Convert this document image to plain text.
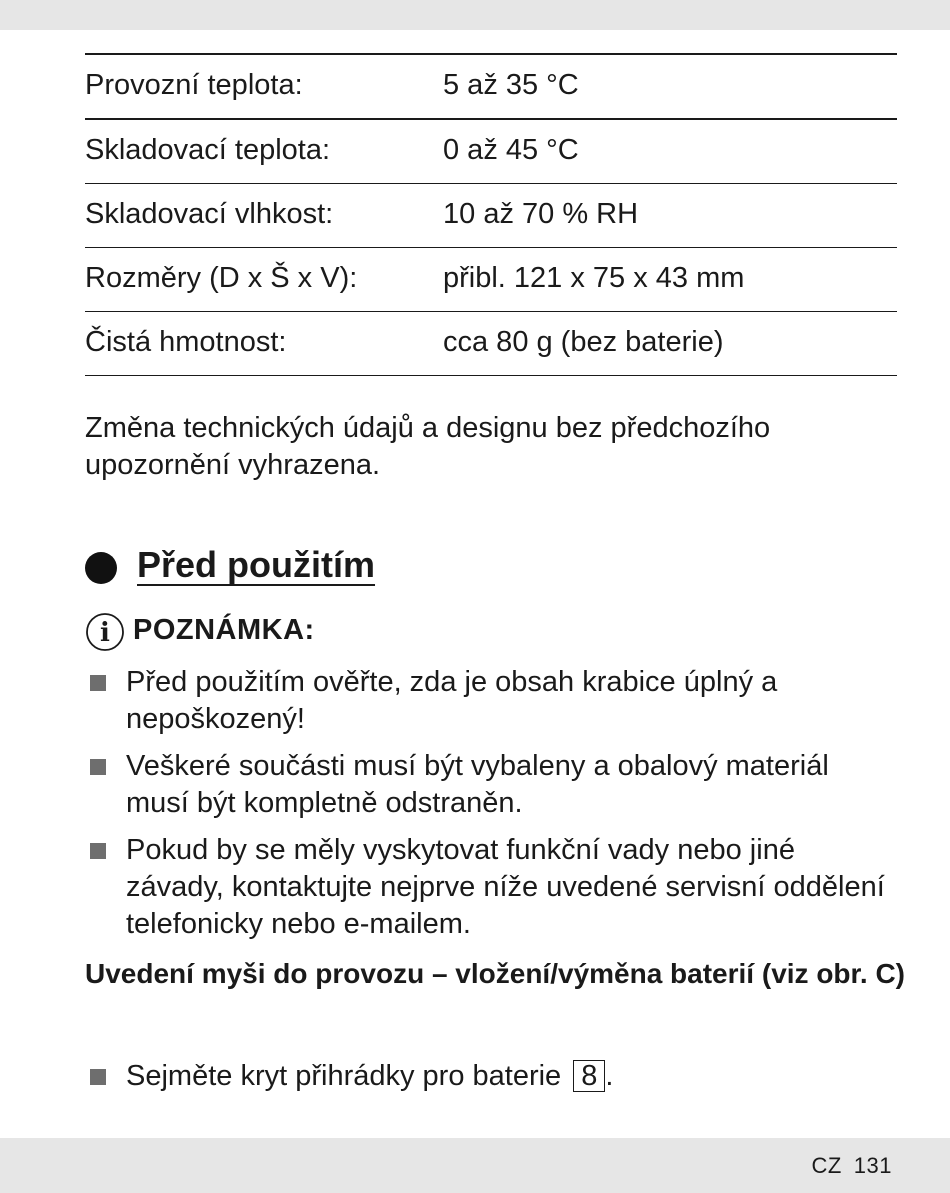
Provozní teplota:	5 až 35 °C
Skladovací teplota:	0 až 45 °C
Skladovací vlhkost:	10 až 70 % RH
Rozměry (D x Š x V):	přibl. 121 x 75 x 43 mm
Čistá hmotnost:	cca 80 g (bez baterie)

Změna technických údajů a designu bez předchozího upozornění vyhrazena.

Před použitím
i POZNÁMKA:
Před použitím ověřte, zda je obsah krabice úplný a nepoškozený!
Veškeré součásti musí být vybaleny a obalový materiál musí být kompletně odstraněn.
Pokud by se měly vyskytovat funkční vady nebo jiné závady, kontaktujte nejprve níže uvedené servisní oddělení telefonicky nebo e-mailem.
Uvedení myši do provozu – vložení/výměna baterií (viz obr. C)
Sejměte kryt přihrádky pro baterie 8 .
CZ 131
